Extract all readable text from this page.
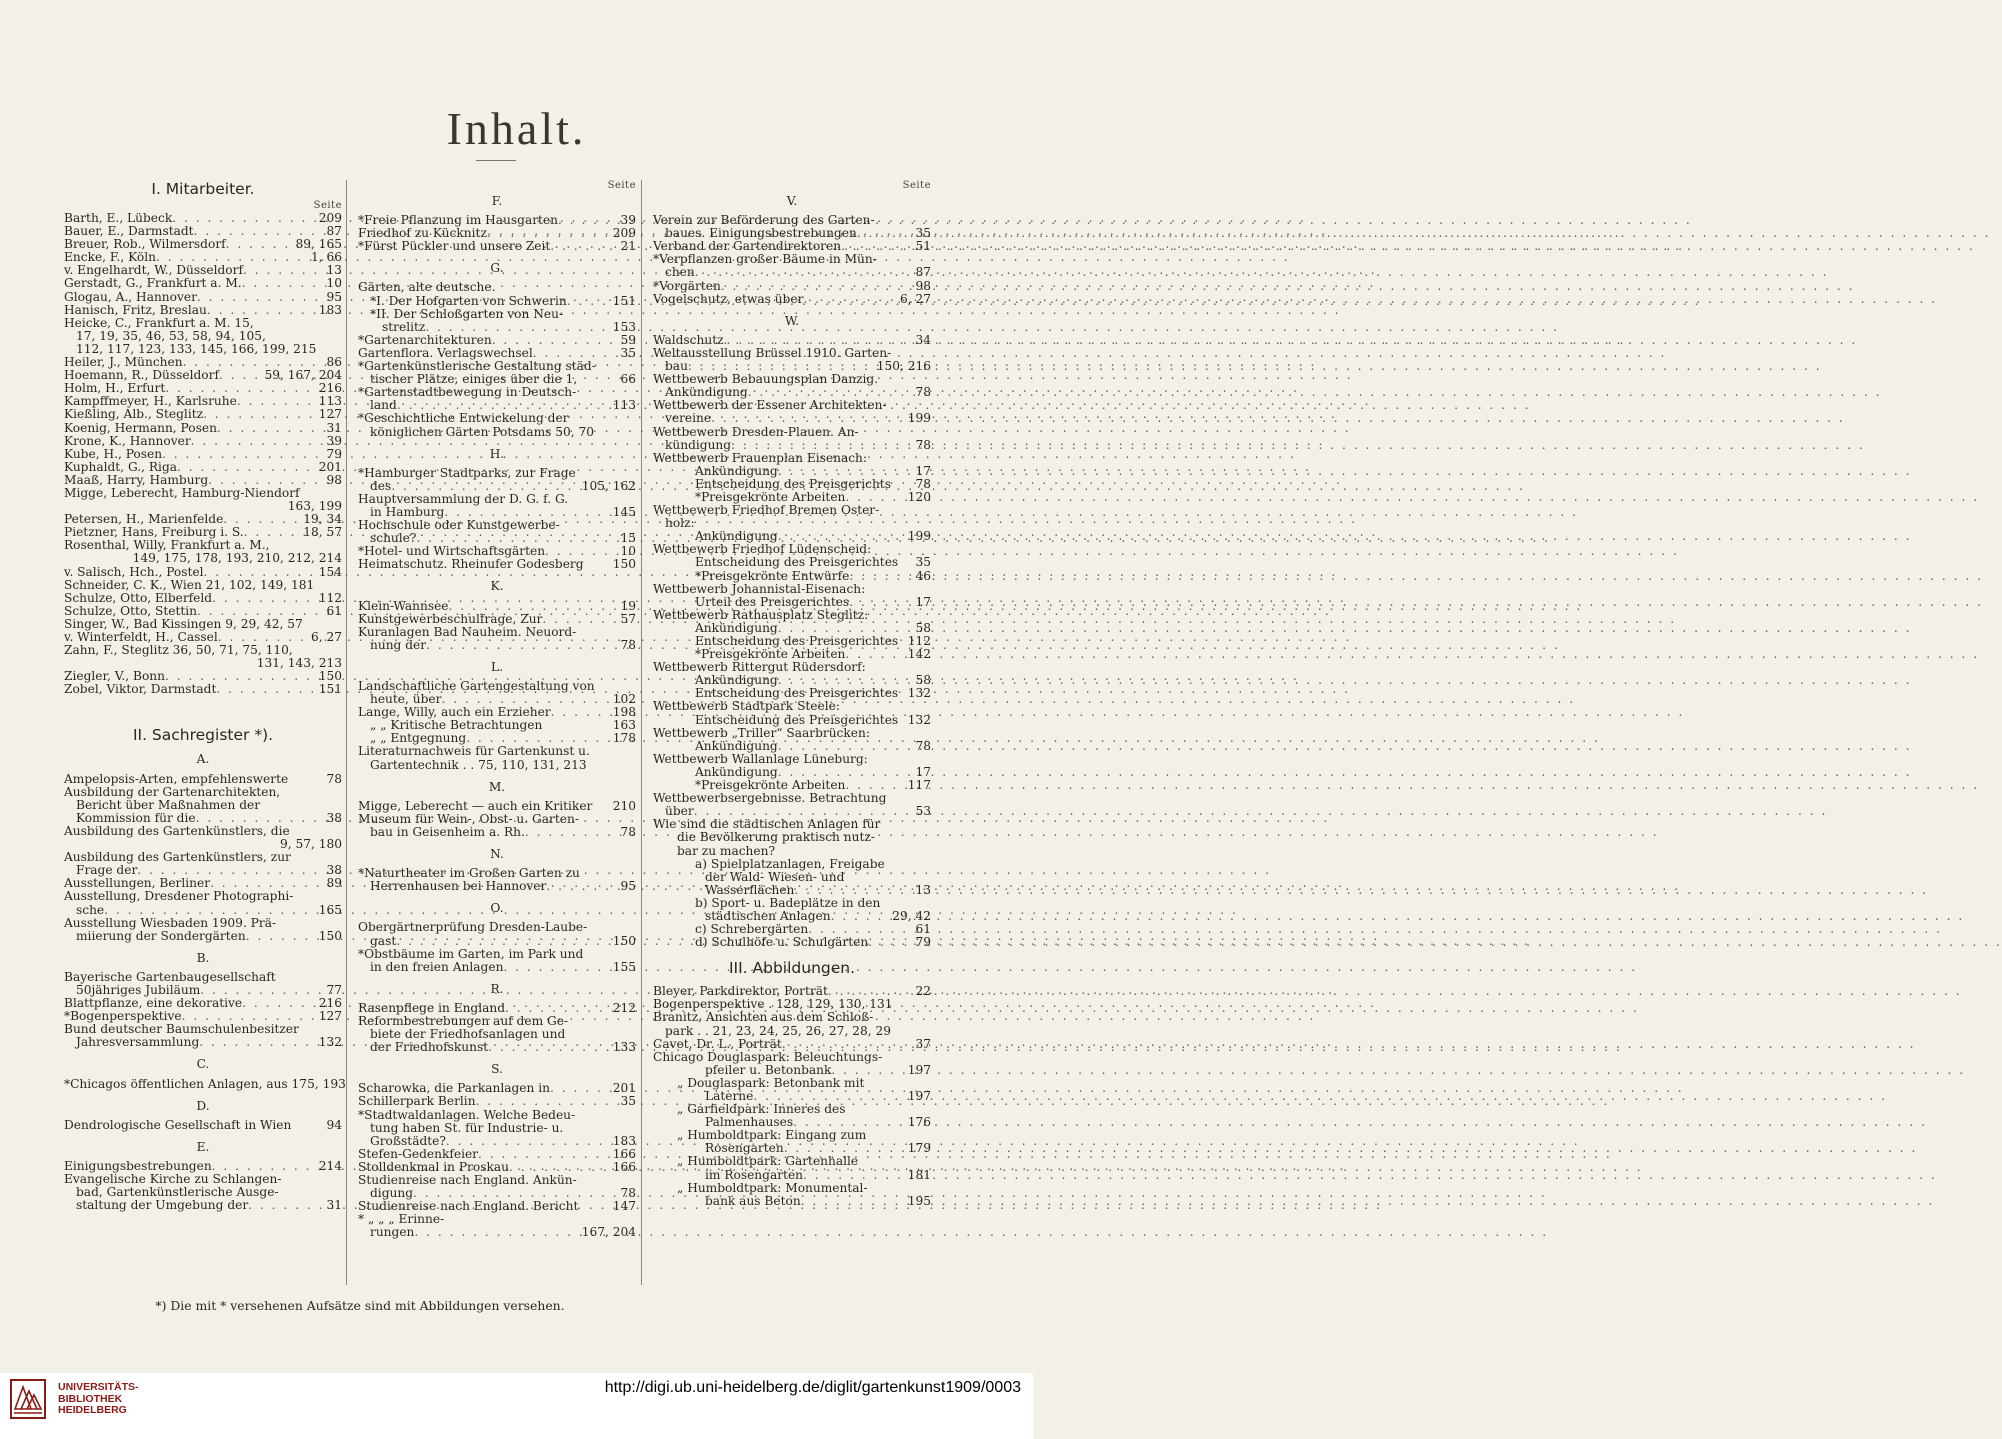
Inhalt.
I. Mitarbeiter.
Seite
Barth, E., Lübeck . . .	209
Bauer, E., Darmstadt . . .	87
Breuer, Rob., Wilmersdorf . . .	89, 165
Encke, F., Köln . . .	1, 66
v. Engelhardt, W., Düsseldorf . . .	13
Gerstadt, G., Frankfurt a. M. . . .	10
Glogau, A., Hannover . . .	95
Hanisch, Fritz, Breslau . . .	183
Heicke, C., Frankfurt a. M. 15,
17, 19, 35, 46, 53, 58, 94, 105,
112, 117, 123, 133, 145, 166, 199, 215
Heiler, J., München . . .	86
Hoemann, R., Düsseldorf . . .	59, 167, 204
Holm, H., Erfurt . . .	216
Kampffmeyer, H., Karlsruhe . . .	113
Kießling, Alb., Steglitz . . .	127
Koenig, Hermann, Posen . . .	31
Krone, K., Hannover . . .	39
Kube, H., Posen . . .	79
Kuphaldt, G., Riga . . .	201
Maaß, Harry, Hamburg . . .	98
Migge, Leberecht, Hamburg-Niendorf
163, 199
Petersen, H., Marienfelde . . .	19, 34
Pietzner, Hans, Freiburg i. S. . . .	18, 57
Rosenthal, Willy, Frankfurt a. M.,
149, 175, 178, 193, 210, 212, 214
v. Salisch, Hch., Postel . . .	154
Schneider, C. K., Wien 21, 102, 149, 181
Schulze, Otto, Elberfeld . . .	112
Schulze, Otto, Stettin . . .	61
Singer, W., Bad Kissingen 9, 29, 42, 57
v. Winterfeldt, H., Cassel . . .	6, 27
Zahn, F., Steglitz 36, 50, 71, 75, 110,
131, 143, 213
Ziegler, V., Bonn . . .	150
Zobel, Viktor, Darmstadt . . .	151
II. Sachregister *).
A.
Ampelopsis-Arten, empfehlenswerte	78
Ausbildung der Gartenarchitekten,
Bericht über Maßnahmen der
Kommission für die . . .	38
Ausbildung des Gartenkünstlers, die
9, 57, 180
Ausbildung des Gartenkünstlers, zur
Frage der . . .	38
Ausstellungen, Berliner . . .	89
Ausstellung, Dresdener Photographi-
sche . . .	165
Ausstellung Wiesbaden 1909. Prä-
miierung der Sondergärten . . .	150
B.
Bayerische Gartenbaugesellschaft
50jähriges Jubiläum . . .	77
Blattpflanze, eine dekorative . . .	216
*Bogenperspektive . . .	127
Bund deutscher Baumschulenbesitzer
Jahresversammlung . . .	132
C.
*Chicagos öffentlichen Anlagen, aus 175, 193
D.
Dendrologische Gesellschaft in Wien	94
E.
Einigungsbestrebungen . . .	214
Evangelische Kirche zu Schlangen-
bad, Gartenkünstlerische Ausge-
staltung der Umgebung der . . .	31
Seite
F.
*Freie Pflanzung im Hausgarten . . .	39
Friedhof zu Kücknitz . . .	209
*Fürst Pückler und unsere Zeit . . .	21
G.
Gärten, alte deutsche.
*I. Der Hofgarten von Schwerin . . .	151
*II. Der Schloßgarten von Neu-
strelitz . . .	153
*Gartenarchitekturen . . .	59
Gartenflora. Verlagswechsel . . .	35
*Gartenkünstlerische Gestaltung städ-
tischer Plätze, einiges über die 1,	66
*Gartenstadtbewegung in Deutsch-
land . . .	113
*Geschichtliche Entwickelung der
königlichen Gärten Potsdams 50, 70
H.
*Hamburger Stadtparks, zur Frage
des . . .	105, 162
Hauptversammlung der D. G. f. G.
in Hamburg . . .	145
Hochschule oder Kunstgewerbe-
schule? . . .	15
*Hotel- und Wirtschaftsgärten . . .	10
Heimatschutz. Rheinufer Godesberg 150
K.
Klein-Wannsee . . .	19
Kunstgewerbeschulfrage, Zur . . .	57
Kuranlagen Bad Nauheim. Neuord-
nung der . . .	78
L.
Landschaftliche Gartengestaltung von
heute, über . . .	102
Lange, Willy, auch ein Erzieher . . .	198
„ „ Kritische Betrachtungen	163
„ „ Entgegnung . . .	178
Literaturnachweis für Gartenkunst u.
Gartentechnik . . 75, 110, 131, 213
M.
Migge, Leberecht — auch ein Kritiker 210
Museum für Wein-, Obst- u. Garten-
bau in Geisenheim a. Rh. . . .	78
N.
*Naturtheater im Großen Garten zu
Herrenhausen bei Hannover . . .	95
O.
Obergärtnerprüfung Dresden-Laube-
gast . . .	150
*Obstbäume im Garten, im Park und
in den freien Anlagen . . .	155
R.
Rasenpflege in England . . .	212
Reformbestrebungen auf dem Ge-
biete der Friedhofsanlagen und
der Friedhofskunst . . .	133
S.
Scharowka, die Parkanlagen in . . .	201
Schillerpark Berlin . . .	35
*Stadtwaldanlagen. Welche Bedeu-
tung haben St. für Industrie- u.
Großstädte? . . .	183
Stefen-Gedenkfeier . . .	166
Stolldenkmal in Proskau . . .	166
Studienreise nach England. Ankün-
digung . . .	78
Studienreise nach England. Bericht	147
* „ „ „ Erinne-
rungen . . .	167, 204
Seite
V.
Verein zur Beförderung des Garten-
baues. Einigungsbestrebungen . . .	35
Verband der Gartendirektoren . . .	51
*Verpflanzen großer Bäume in Mün-
chen . . .	87
*Vorgärten . . .	98
Vogelschutz, etwas über . . .	6, 27
W.
Waldschutz . . .	34
Weltausstellung Brüssel 1910. Garten-
bau . . .	150, 216
Wettbewerb Bebauungsplan Danzig.
Ankündigung . . .	78
Wettbewerb der Essener Architekten-
vereine . . .	199
Wettbewerb Dresden-Plauen. An-
kündigung . . .	78
Wettbewerb Frauenplan Eisenach:
Ankündigung . . .	17
Entscheidung des Preisgerichts 78
*Preisgekrönte Arbeiten . . .	120
Wettbewerb Friedhof Bremen Oster-
holz:
Ankündigung . . .	199
Wettbewerb Friedhof Lüdenscheid:
Entscheidung des Preisgerichtes 35
*Preisgekrönte Entwürfe . . .	46
Wettbewerb Johannistal-Eisenach:
Urteil des Preisgerichtes . . .	17
Wettbewerb Rathausplatz Steglitz:
Ankündigung . . .	58
Entscheidung des Preisgerichtes 112
*Preisgekrönte Arbeiten . . .	142
Wettbewerb Rittergut Rüdersdorf:
Ankündigung . . .	58
Entscheidung des Preisgerichtes 132
Wettbewerb Stadtpark Steele:
Entscheidung des Preisgerichtes 132
Wettbewerb „Triller“ Saarbrücken:
Ankündigung . . .	78
Wettbewerb Wallanlage Lüneburg:
Ankündigung . . .	17
*Preisgekrönte Arbeiten . . .	117
Wettbewerbsergebnisse. Betrachtung
über . . .	53
Wie sind die städtischen Anlagen für
die Bevölkerung praktisch nutz-
bar zu machen?
a) Spielplatzanlagen, Freigabe
der Wald- Wiesen- und
Wasserflächen . . .	13
b) Sport- u. Badeplätze in den
städtischen Anlagen . . .	29, 42
c) Schrebergärten . . .	61
d) Schulhöfe u. Schulgärten . . .	79
III. Abbildungen.
Bleyer, Parkdirektor, Porträt . . .	22
Bogenperspektive . 128, 129, 130, 131
Branitz, Ansichten aus dem Schloß-
park . . 21, 23, 24, 25, 26, 27, 28, 29
Cavet, Dr. L., Porträt . . .	37
Chicago Douglaspark: Beleuchtungs-
pfeiler u. Betonbank . . .	197
„ Douglaspark: Betonbank mit
Laterne . . .	197
„ Garfieldpark: Inneres des
Palmenhauses . . .	176
„ Humboldtpark: Eingang zum
Rosengarten . . .	179
„ Humboldtpark: Gartenhalle
im Rosengarten . . .	181
„ Humboldtpark: Monumental-
bank aus Beton . . .	195
*) Die mit * versehenen Aufsätze sind mit Abbildungen versehen.
UNIVERSITÄTS-
BIBLIOTHEK
HEIDELBERG
http://digi.ub.uni-heidelberg.de/diglit/gartenkunst1909/0003
